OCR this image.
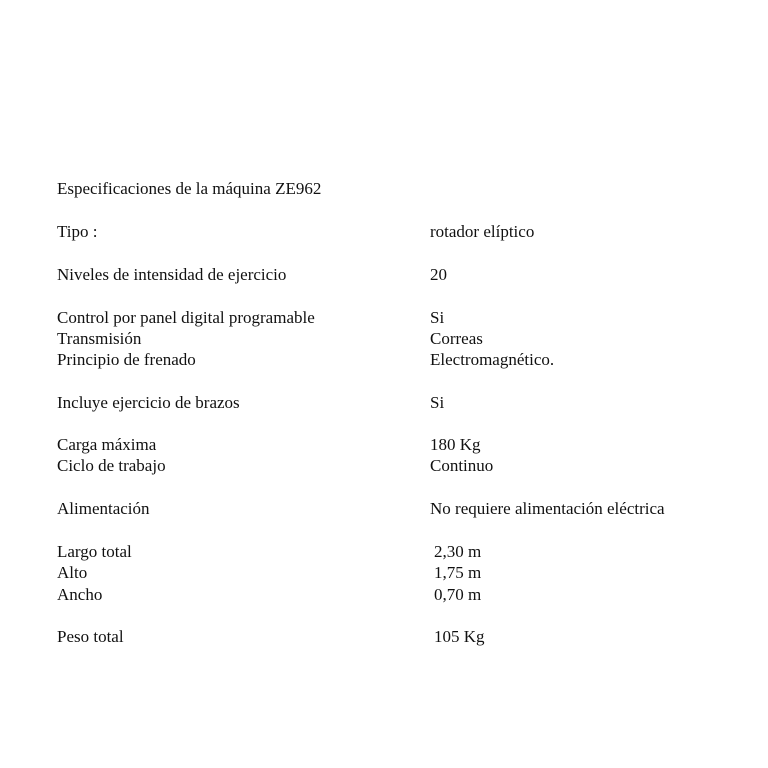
Especificaciones de la máquina ZE962
Tipo :	rotador elíptico
Niveles de intensidad de ejercicio	20
Control por panel digital programable	Si
Transmisión	Correas
Principio de frenado	Electromagnético.
Incluye ejercicio de brazos	Si
Carga máxima	180 Kg
Ciclo de trabajo	Continuo
Alimentación	No requiere alimentación eléctrica
Largo total	2,30 m
Alto	1,75 m
Ancho	0,70 m
Peso total	105 Kg
